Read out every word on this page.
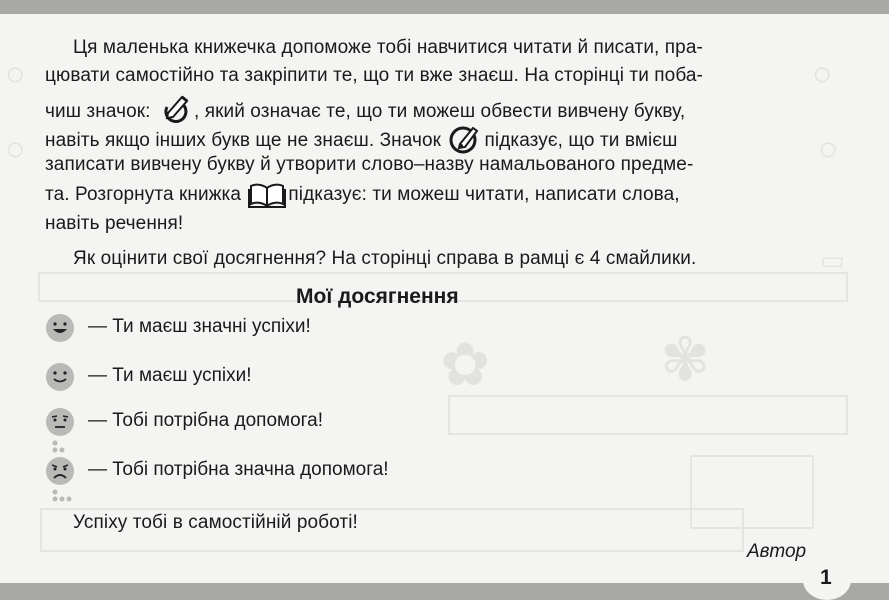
○
○
○
○
▭
✿	✾
Ця маленька книжечка допоможе тобі навчитися читати й писати, пра-
цювати самостійно та закріпити те, що ти вже знаєш. На сторінці ти поба-
чиш значок: , який означає те, що ти можеш обвести вивчену букву,
навіть якщо інших букв ще не знаєш. Значок підказує, що ти вмієш
записати вивчену букву й утворити слово–назву намальованого предме-
та. Розгорнута книжка підказує: ти можеш читати, написати слова,
навіть речення!
Як оцінити свої досягнення? На сторінці справа в рамці є 4 смайлики.
Мої досягнення
— Ти маєш значні успіхи!
— Ти маєш успіхи!
— Тобі потрібна допомога!
— Тобі потрібна значна допомога!
Успіху тобі в самостійній роботі!
Автор
1
